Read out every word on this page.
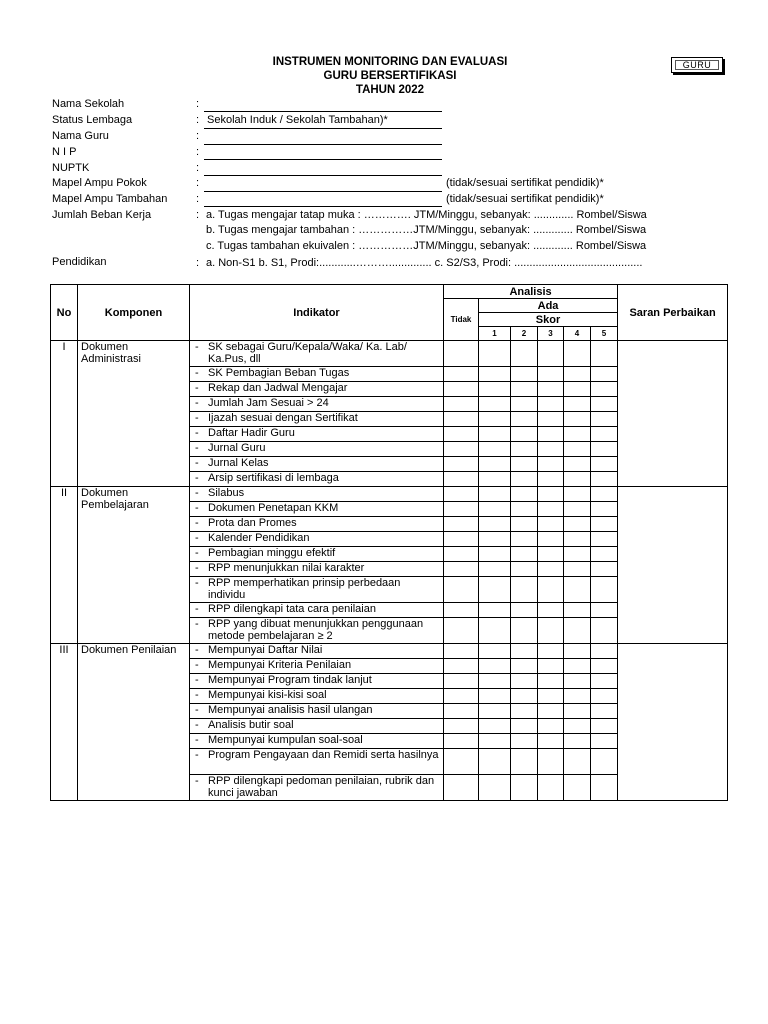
INSTRUMEN MONITORING DAN EVALUASI
GURU BERSERTIFIKASI
TAHUN 2022
GURU
Nama Sekolah	:
Status Lembaga	: Sekolah Induk / Sekolah Tambahan)*
Nama Guru	:
N I P	:
NUPTK	:
Mapel Ampu Pokok	:	(tidak/sesuai sertifikat pendidik)*
Mapel Ampu Tambahan	:	(tidak/sesuai sertifikat pendidik)*
Jumlah Beban Kerja	: a. Tugas mengajar tatap muka : …………. JTM/Minggu, sebanyak: ............. Rombel/Siswa
b. Tugas mengajar tambahan : ……………JTM/Minggu, sebanyak: ............. Rombel/Siswa
c. Tugas tambahan ekuivalen : ……………JTM/Minggu, sebanyak: ............. Rombel/Siswa
Pendidikan	: a. Non-S1 b. S1, Prodi:............……….............. c. S2/S3, Prodi: ..........................................
No	Komponen	Indikator	Analisis						Saran Perbaikan
			Tidak	Ada					
				Skor					
				1	2	3	4	5	
I	Dokumen Administrasi	- SK sebagai Guru/Kepala/Waka/ Ka. Lab/ Ka.Pus, dll							

		- SK Pembagian Beban Tugas							

		- Rekap dan Jadwal Mengajar							

		- Jumlah Jam Sesuai > 24							

		- Ijazah sesuai dengan Sertifikat							

		- Daftar Hadir Guru							

		- Jurnal Guru							

		- Jurnal Kelas							

		- Arsip sertifikasi di lembaga							

II	Dokumen Pembelajaran	- Silabus							

		- Dokumen Penetapan KKM							

		- Prota dan Promes							

		- Kalender Pendidikan							

		- Pembagian minggu efektif							

		- RPP menunjukkan nilai karakter							

		- RPP memperhatikan prinsip perbedaan individu							

		- RPP dilengkapi tata cara penilaian							

		- RPP yang dibuat menunjukkan penggunaan metode pembelajaran ≥ 2							

III	Dokumen Penilaian	- Mempunyai Daftar Nilai							

		- Mempunyai Kriteria Penilaian							

		- Mempunyai Program tindak lanjut							

		- Mempunyai kisi-kisi soal							

		- Mempunyai analisis hasil ulangan							

		- Analisis butir soal							

		- Mempunyai kumpulan soal-soal							

		- Program Pengayaan dan Remidi serta hasilnya							

		- RPP dilengkapi pedoman penilaian, rubrik dan kunci jawaban							
